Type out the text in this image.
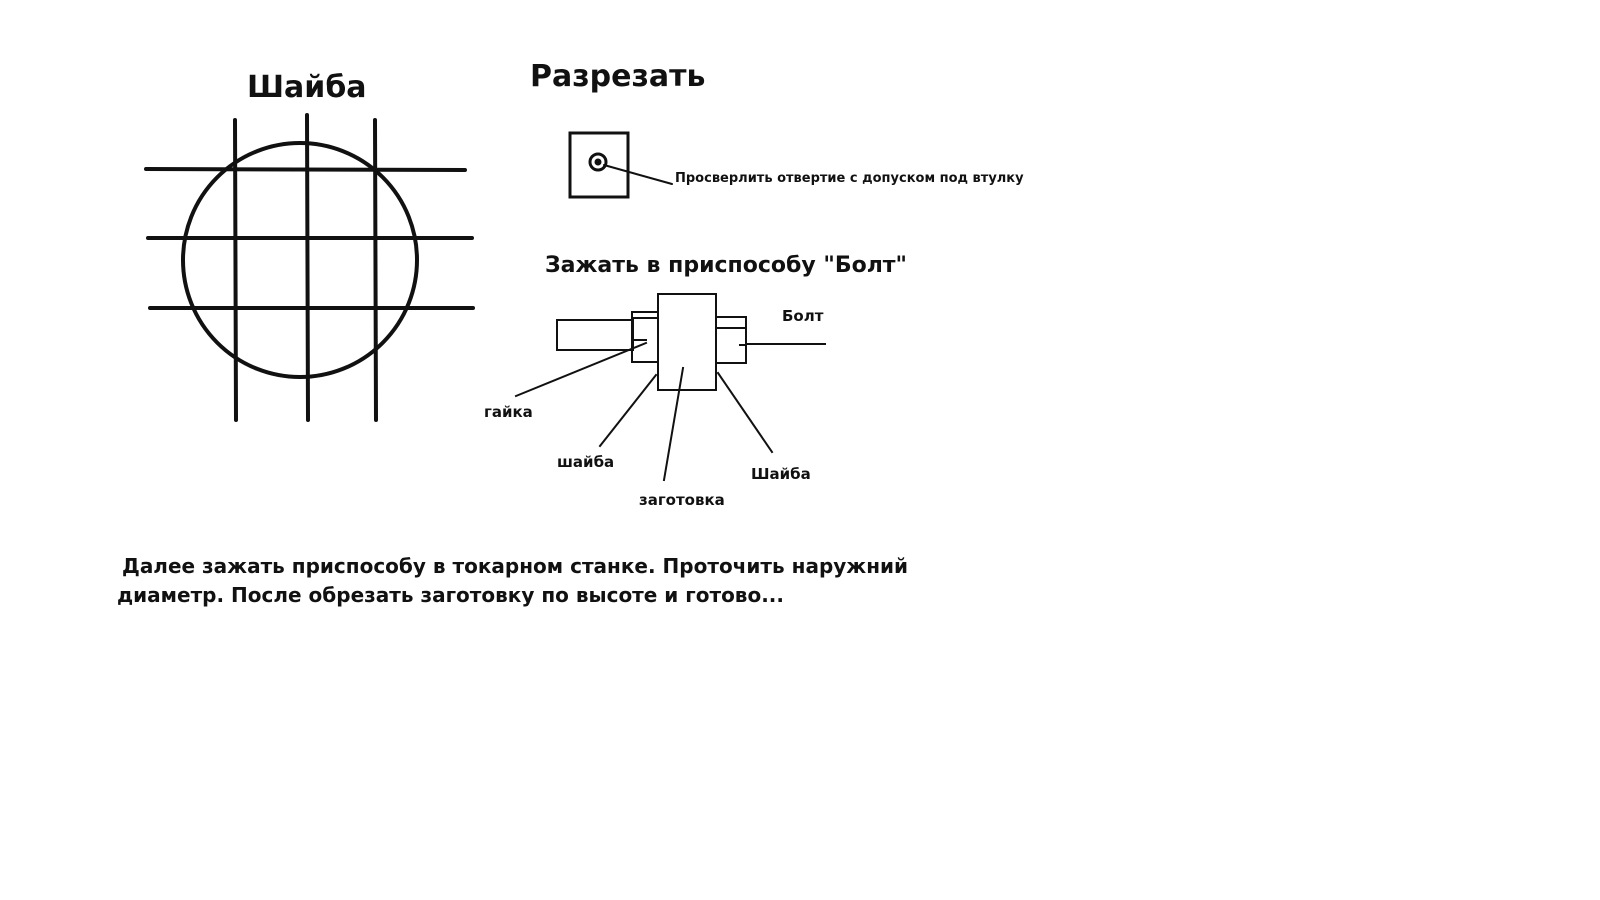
Шайба	Разрезать
Просверлить отвертие с допуском под втулку
Зажать в приспособу "Болт"
Болт
гайка
шайба
заготовка
Шайба
Далее зажать приспособу в токарном станке. Проточить наружний
диаметр. После обрезать заготовку по высоте и готово...
